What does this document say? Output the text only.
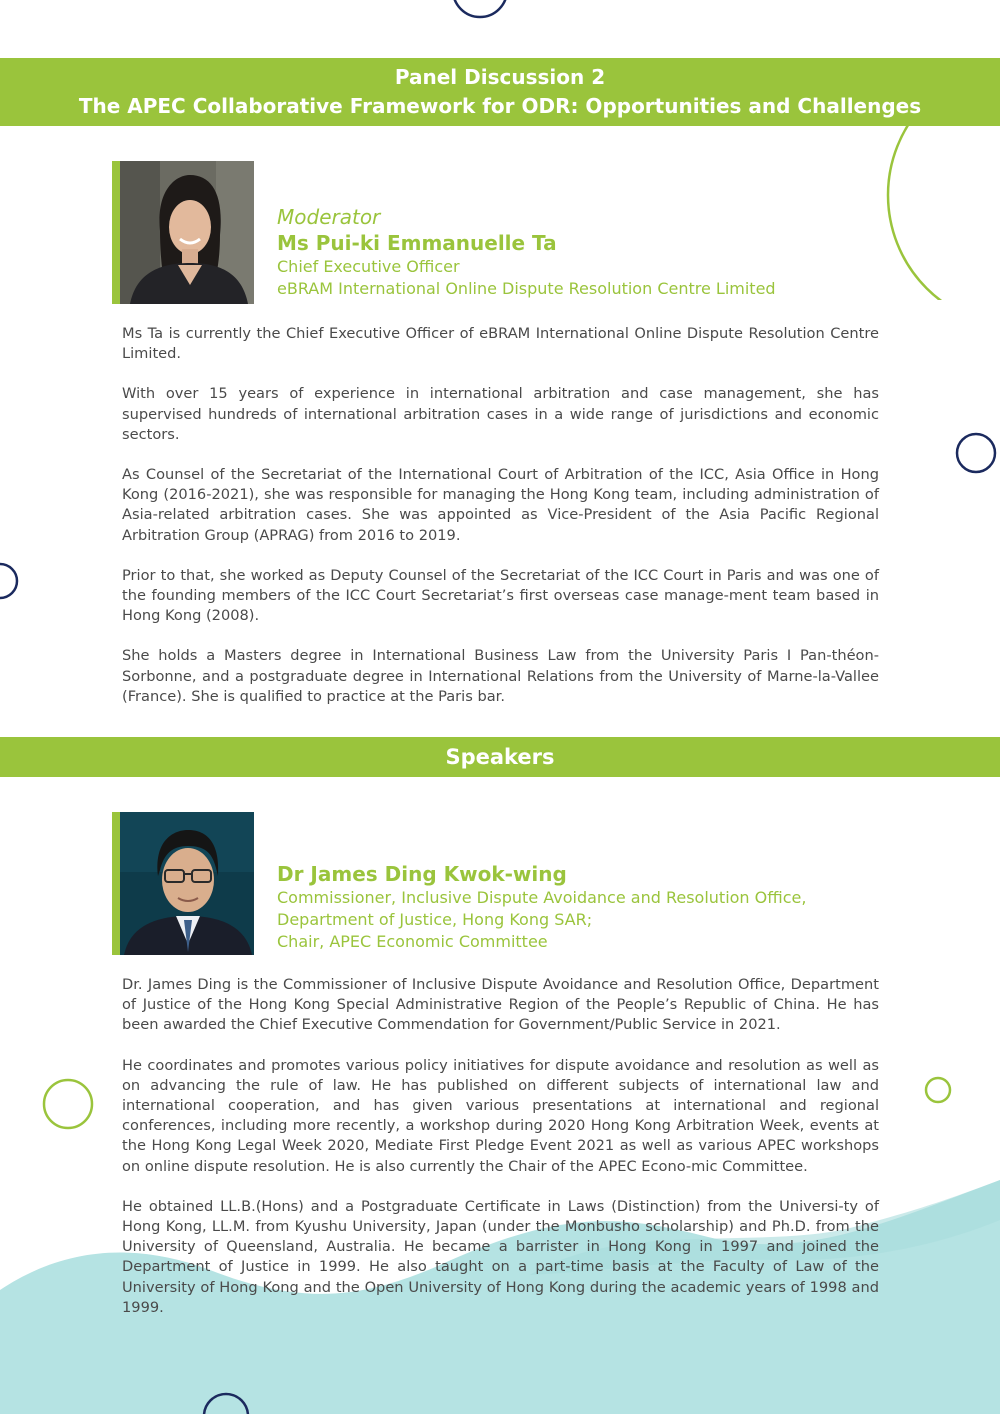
Panel Discussion 2
The APEC Collaborative Framework for ODR: Opportunities and Challenges
Moderator
Ms Pui-ki Emmanuelle Ta
Chief Executive Officer
eBRAM International Online Dispute Resolution Centre Limited

Ms Ta is currently the Chief Executive Officer of eBRAM International Online Dispute Resolution Centre Limited.

With over 15 years of experience in international arbitration and case management, she has supervised hundreds of international arbitration cases in a wide range of jurisdictions and economic sectors.

As Counsel of the Secretariat of the International Court of Arbitration of the ICC, Asia Office in Hong Kong (2016-2021), she was responsible for managing the Hong Kong team, including administration of Asia-related arbitration cases. She was appointed as Vice-President of the Asia Pacific Regional Arbitration Group (APRAG) from 2016 to 2019.

Prior to that, she worked as Deputy Counsel of the Secretariat of the ICC Court in Paris and was one of the founding members of the ICC Court Secretariat’s first overseas case manage-ment team based in Hong Kong (2008).

She holds a Masters degree in International Business Law from the University Paris I Pan-théon-Sorbonne, and a postgraduate degree in International Relations from the University of Marne-la-Vallee (France). She is qualified to practice at the Paris bar.

Speakers
Dr James Ding Kwok-wing
Commissioner, Inclusive Dispute Avoidance and Resolution Office,
Department of Justice, Hong Kong SAR;
Chair, APEC Economic Committee

Dr. James Ding is the Commissioner of Inclusive Dispute Avoidance and Resolution Office, Department of Justice of the Hong Kong Special Administrative Region of the People’s Republic of China. He has been awarded the Chief Executive Commendation for Government/Public Service in 2021.

He coordinates and promotes various policy initiatives for dispute avoidance and resolution as well as on advancing the rule of law. He has published on different subjects of international law and international cooperation, and has given various presentations at international and regional conferences, including more recently, a workshop during 2020 Hong Kong Arbitration Week, events at the Hong Kong Legal Week 2020, Mediate First Pledge Event 2021 as well as various APEC workshops on online dispute resolution. He is also currently the Chair of the APEC Econo-mic Committee.

He obtained LL.B.(Hons) and a Postgraduate Certificate in Laws (Distinction) from the Universi-ty of Hong Kong, LL.M. from Kyushu University, Japan (under the Monbusho scholarship) and Ph.D. from the University of Queensland, Australia. He became a barrister in Hong Kong in 1997 and joined the Department of Justice in 1999. He also taught on a part-time basis at the Faculty of Law of the University of Hong Kong and the Open University of Hong Kong during the academic years of 1998 and 1999.
